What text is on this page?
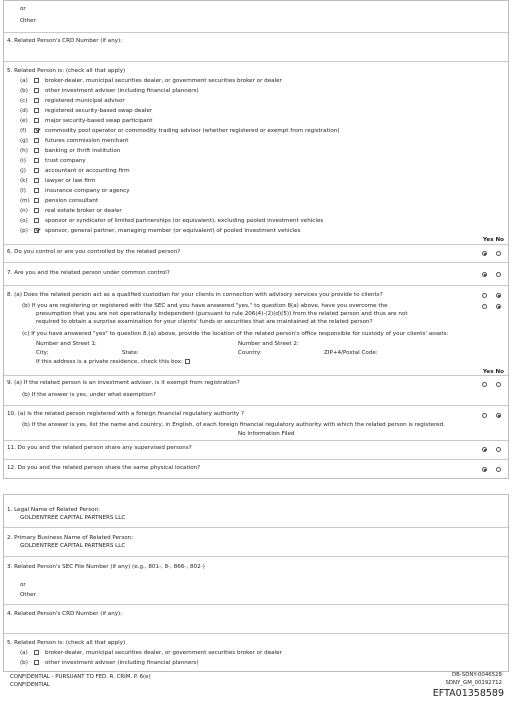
or
Other
4. Related Person's CRD Number (if any):
5. Related Person is: (check all that apply)
(a)	broker-dealer, municipal securities dealer, or government securities broker or dealer
(b)	other investment adviser (including financial planners)
(c)	registered municipal advisor
(d)	registered security-based swap dealer
(e)	major security-based swap participant
(f)	commodity pool operator or commodity trading advisor (whether registered or exempt from registration)
(g)	futures commission merchant
(h)	banking or thrift institution
(i)	trust company
(j)	accountant or accounting firm
(k)	lawyer or law firm
(l)	insurance company or agency
(m)	pension consultant
(n)	real estate broker or dealer
(o)	sponsor or syndicator of limited partnerships (or equivalent), excluding pooled investment vehicles
(p)	sponsor, general partner, managing member (or equivalent) of pooled investment vehicles
Yes No
6. Do you control or are you controlled by the related person?
7. Are you and the related person under common control?
8. (a) Does the related person act as a qualified custodian for your clients in connection with advisory services you provide to clients?
(b) If you are registering or registered with the SEC and you have answered "yes," to question 8(a) above, have you overcome the
presumption that you are not operationally independent (pursuant to rule 206(4)-(2)(d)(5)) from the related person and thus are not
required to obtain a surprise examination for your clients' funds or securities that are maintained at the related person?
(c) If you have answered "yes" to question 8.(a) above, provide the location of the related person's office responsible for custody of your clients' assets:
Number and Street 1:	Number and Street 2:
City:	State:	Country:	ZIP+4/Postal Code:
If this address is a private residence, check this box:
Yes No
9. (a) If the related person is an investment adviser, is it exempt from registration?
(b) If the answer is yes, under what exemption?
10. (a) Is the related person registered with a foreign financial regulatory authority ?
(b) If the answer is yes, list the name and country, in English, of each foreign financial regulatory authority with which the related person is registered.
No Information Filed
11. Do you and the related person share any supervised persons?
12. Do you and the related person share the same physical location?
1. Legal Name of Related Person:
GOLDENTREE CAPITAL PARTNERS LLC
2. Primary Business Name of Related Person:
GOLDENTREE CAPITAL PARTNERS LLC
3. Related Person's SEC File Number (if any) (e.g., 801-, 8-, 866-, 802-)
or
Other
4. Related Person's CRD Number (if any):
5. Related Person is: (check all that apply)
(a)	broker-dealer, municipal securities dealer, or government securities broker or dealer
(b)	other investment adviser (including financial planners)
CONFIDENTIAL - PURSUANT TO FED. R. CRIM. P. 6(e)
CONFIDENTIAL
DB-SDNY-0046528
SDNY_GM_00192712
EFTA01358589
